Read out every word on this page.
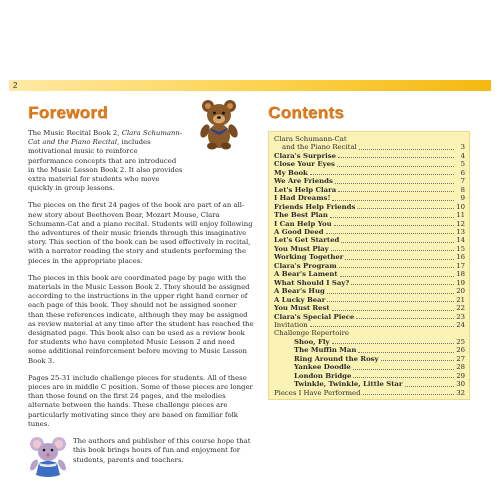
2
Foreword

The Music Recital Book 2, Clara Schumann-Cat and the Piano Recital, includes motivational music to reinforce performance concepts that are introduced in the Music Lesson Book 2. It also provides extra material for students who move quickly in group lessons.

The pieces on the first 24 pages of the book are part of an all-new story about Beethoven Bear, Mozart Mouse, Clara Schumann-Cat and a piano recital. Students will enjoy following the adventures of their music friends through this imaginative story. This section of the book can be used effectively in recital, with a narrator reading the story and students performing the pieces in the appropriate places.

The pieces in this book are coordinated page by page with the materials in the Music Lesson Book 2. They should be assigned according to the instructions in the upper right hand corner of each page of this book. They should not be assigned sooner than these references indicate, although they may be assigned as review material at any time after the student has reached the designated page. This book also can be used as a review book for students who have completed Music Lesson 2 and need some additional reinforcement before moving to Music Lesson Book 3.

Pages 25-31 include challenge pieces for students. All of these pieces are in middle C position. Some of these pieces are longer than those found on the first 24 pages, and the melodies alternate between the hands. These challenge pieces are particularly motivating since they are based on familiar folk tunes.

The authors and publisher of this course hope that this book brings hours of fun and enjoyment for students, parents and teachers.

Contents
Clara Schumann-Cat
and the Piano Recital	3
Clara's Surprise	4
Close Your Eyes	5
My Book	6
We Are Friends	7
Let's Help Clara	8
I Had Dreams!	9
Friends Help Friends	10
The Best Plan	11
I Can Help You	12
A Good Deed	13
Let's Get Started	14
You Must Play	15
Working Together	16
Clara's Program	17
A Bear's Lament	18
What Should I Say?	19
A Bear's Hug	20
A Lucky Bear	21
You Must Rest	22
Clara's Special Piece	23
Invitation	24
Challenge Repertoire
Shoo, Fly	25
The Muffin Man	26
Ring Around the Rosy	27
Yankee Doodle	28
London Bridge	29
Twinkle, Twinkle, Little Star	30
Pieces I Have Performed	32
